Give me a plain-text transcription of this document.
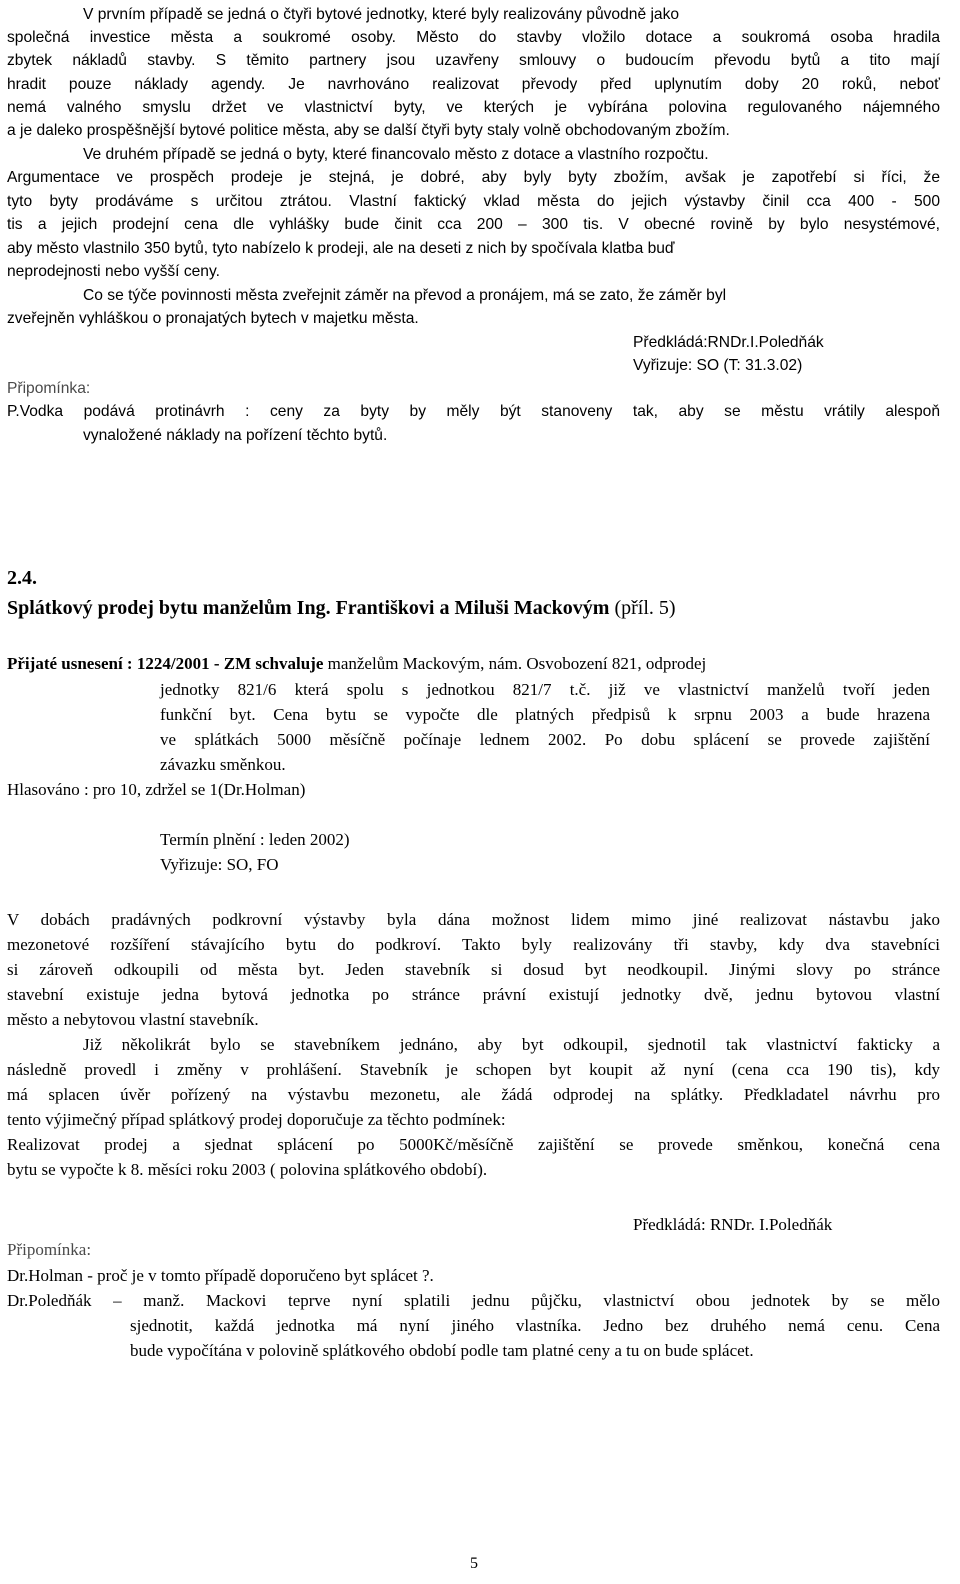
V prvním případě se jedná o čtyři bytové jednotky, které byly realizovány původně jako
společná investice města a soukromé osoby. Město do stavby vložilo dotace a soukromá osoba hradila
zbytek nákladů stavby. S těmito partnery jsou uzavřeny smlouvy o budoucím převodu bytů a tito mají
hradit pouze náklady agendy. Je navrhováno realizovat převody před uplynutím doby 20 roků, neboť
nemá valného smyslu držet ve vlastnictví byty, ve kterých je vybírána polovina regulovaného nájemného
a je daleko prospěšnější bytové politice města, aby se další čtyři byty staly volně obchodovaným zbožím.
Ve druhém případě se jedná o byty, které financovalo město z dotace a vlastního rozpočtu.
Argumentace ve prospěch prodeje je stejná, je dobré, aby byly byty zbožím, avšak je zapotřebí si říci, že
tyto byty prodáváme s určitou ztrátou. Vlastní faktický vklad města do jejich výstavby činil cca 400 - 500
tis a jejich prodejní cena dle vyhlášky bude činit cca 200 – 300 tis. V obecné rovině by bylo nesystémové,
aby město vlastnilo 350 bytů, tyto nabízelo k prodeji, ale na deseti z nich by spočívala klatba buď
neprodejnosti nebo vyšší ceny.
Co se týče povinnosti města zveřejnit záměr na převod a pronájem, má se zato, že záměr byl
zveřejněn vyhláškou o pronajatých bytech v majetku města.
Předkládá:RNDr.I.Poledňák
Vyřizuje: SO (T: 31.3.02)
Připomínka:
P.Vodka podává protinávrh : ceny za byty by měly být stanoveny tak, aby se městu vrátily alespoň
vynaložené náklady na pořízení těchto bytů.
2.4.
Splátkový prodej bytu manželům Ing. Františkovi a Miluši Mackovým (příl. 5)
Přijaté usnesení : 1224/2001 - ZM schvaluje manželům Mackovým, nám. Osvobození 821, odprodej
jednotky 821/6 která spolu s jednotkou 821/7 t.č. již ve vlastnictví manželů tvoří jeden
funkční byt. Cena bytu se vypočte dle platných předpisů k srpnu 2003 a bude hrazena
ve splátkách 5000 měsíčně počínaje lednem 2002. Po dobu splácení se provede zajištění
závazku směnkou.
Hlasováno : pro 10, zdržel se 1(Dr.Holman)
Termín plnění : leden 2002)
Vyřizuje: SO, FO
V dobách pradávných podkrovní výstavby byla dána možnost lidem mimo jiné realizovat nástavbu jako
mezonetové rozšíření stávajícího bytu do podkroví. Takto byly realizovány tři stavby, kdy dva stavebníci
si zároveň odkoupili od města byt. Jeden stavebník si dosud byt neodkoupil. Jinými slovy po stránce
stavební existuje jedna bytová jednotka po stránce právní existují jednotky dvě, jednu bytovou vlastní
město a nebytovou vlastní stavebník.
Již několikrát bylo se stavebníkem jednáno, aby byt odkoupil, sjednotil tak vlastnictví fakticky a
následně provedl i změny v prohlášení. Stavebník je schopen byt koupit až nyní (cena cca 190 tis), kdy
má splacen úvěr pořízený na výstavbu mezonetu, ale žádá odprodej na splátky. Předkladatel návrhu pro
tento výjimečný případ splátkový prodej doporučuje za těchto podmínek:
Realizovat prodej a sjednat splácení po 5000Kč/měsíčně zajištění se provede směnkou, konečná cena
bytu se vypočte k 8. měsíci roku 2003 ( polovina splátkového období).
Předkládá: RNDr. I.Poledňák
Připomínka:
Dr.Holman - proč je v tomto případě doporučeno byt splácet ?.
Dr.Poledňák – manž. Mackovi teprve nyní splatili jednu půjčku, vlastnictví obou jednotek by se mělo
sjednotit, každá jednotka má nyní jiného vlastníka. Jedno bez druhého nemá cenu. Cena
bude vypočítána v polovině splátkového období podle tam platné ceny a tu on bude splácet.
5
